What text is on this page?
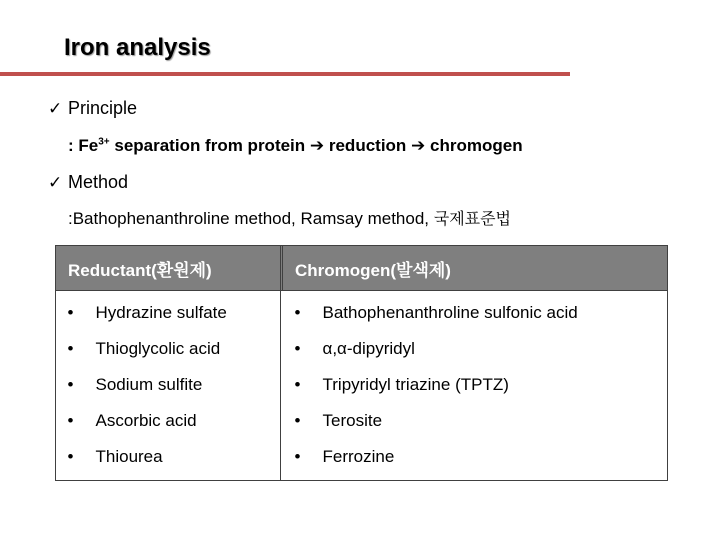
Iron analysis
✓ Principle
: $Fe^{3+}$ separation from protein ➔ reduction ➔ chromogen
✓ Method
:Bathophenanthroline method, Ramsay method, 국제표준법
Reductant(환원제)	Chromogen(발색제)
• Hydrazine sulfate	• Bathophenanthroline sulfonic acid
• Thioglycolic acid	• α,α-dipyridyl
• Sodium sulfite	• Tripyridyl triazine (TPTZ)
• Ascorbic acid	• Terosite
• Thiourea	• Ferrozine
